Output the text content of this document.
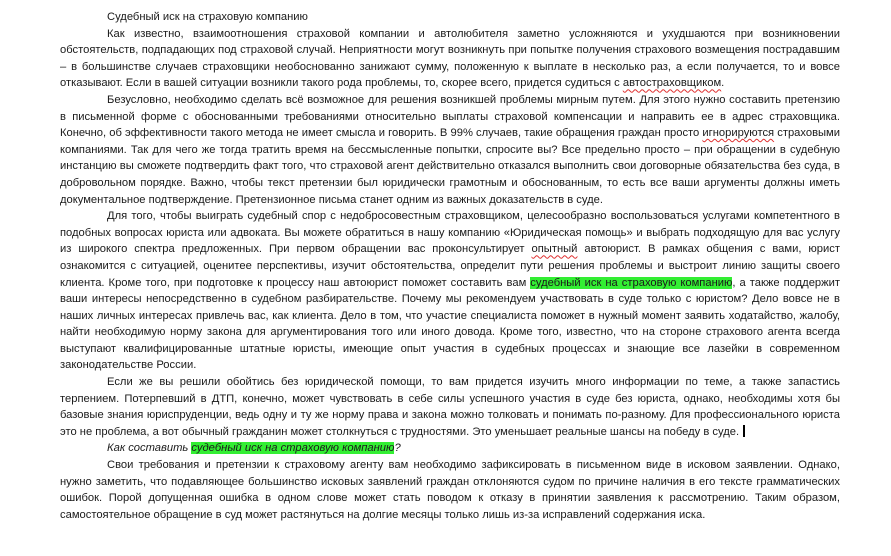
Судебный иск на страховую компанию

Как известно, взаимоотношения страховой компании и автолюбителя заметно усложняются и ухудшаются при возникновении обстоятельств, подпадающих под страховой случай. Неприятности могут возникнуть при попытке получения страхового возмещения пострадавшим – в большинстве случаев страховщики необоснованно занижают сумму, положенную к выплате в несколько раз, а если получается, то и вовсе отказывают. Если в вашей ситуации возникли такого рода проблемы, то, скорее всего, придется судиться с автостраховщиком.

Безусловно, необходимо сделать всё возможное для решения возникшей проблемы мирным путем. Для этого нужно составить претензию в письменной форме с обоснованными требованиями относительно выплаты страховой компенсации и направить ее в адрес страховщика. Конечно, об эффективности такого метода не имеет смысла и говорить. В 99% случаев, такие обращения граждан просто игнорируются страховыми компаниями. Так для чего же тогда тратить время на бессмысленные попытки, спросите вы? Все предельно просто – при обращении в судебную инстанцию вы сможете подтвердить факт того, что страховой агент действительно отказался выполнить свои договорные обязательства без суда, в добровольном порядке. Важно, чтобы текст претензии был юридически грамотным и обоснованным, то есть все ваши аргументы должны иметь документальное подтверждение. Претензионное письма станет одним из важных доказательств в суде.

Для того, чтобы выиграть судебный спор с недобросовестным страховщиком, целесообразно воспользоваться услугами компетентного в подобных вопросах юриста или адвоката. Вы можете обратиться в нашу компанию «Юридическая помощь» и выбрать подходящую для вас услугу из широкого спектра предложенных. При первом обращении вас проконсультирует опытный автоюрист. В рамках общения с вами, юрист ознакомится с ситуацией, оценитее перспективы, изучит обстоятельства, определит пути решения проблемы и выстроит линию защиты своего клиента. Кроме того, при подготовке к процессу наш автоюрист поможет составить вам судебный иск на страховую компанию, а также поддержит ваши интересы непосредственно в судебном разбирательстве. Почему мы рекомендуем участвовать в суде только с юристом? Дело вовсе не в наших личных интересах привлечь вас, как клиента. Дело в том, что участие специалиста поможет в нужный момент заявить ходатайство, жалобу, найти необходимую норму закона для аргументирования того или иного довода. Кроме того, известно, что на стороне страхового агента всегда выступают квалифицированные штатные юристы, имеющие опыт участия в судебных процессах и знающие все лазейки в современном законодательстве России.

Если же вы решили обойтись без юридической помощи, то вам придется изучить много информации по теме, а также запастись терпением. Потерпевший в ДТП, конечно, может чувствовать в себе силы успешного участия в суде без юриста, однако, необходимы хотя бы базовые знания юриспруденции, ведь одну и ту же норму права и закона можно толковать и понимать по-разному. Для профессионального юриста это не проблема, а вот обычный гражданин может столкнуться с трудностями. Это уменьшает реальные шансы на победу в суде.

Как составить судебный иск на страховую компанию?

Свои требования и претензии к страховому агенту вам необходимо зафиксировать в письменном виде в исковом заявлении. Однако, нужно заметить, что подавляющее большинство исковых заявлений граждан отклоняются судом по причине наличия в его тексте грамматических ошибок. Порой допущенная ошибка в одном слове может стать поводом к отказу в принятии заявления к рассмотрению. Таким образом, самостоятельное обращение в суд может растянуться на долгие месяцы только лишь из-за исправлений содержания иска.
